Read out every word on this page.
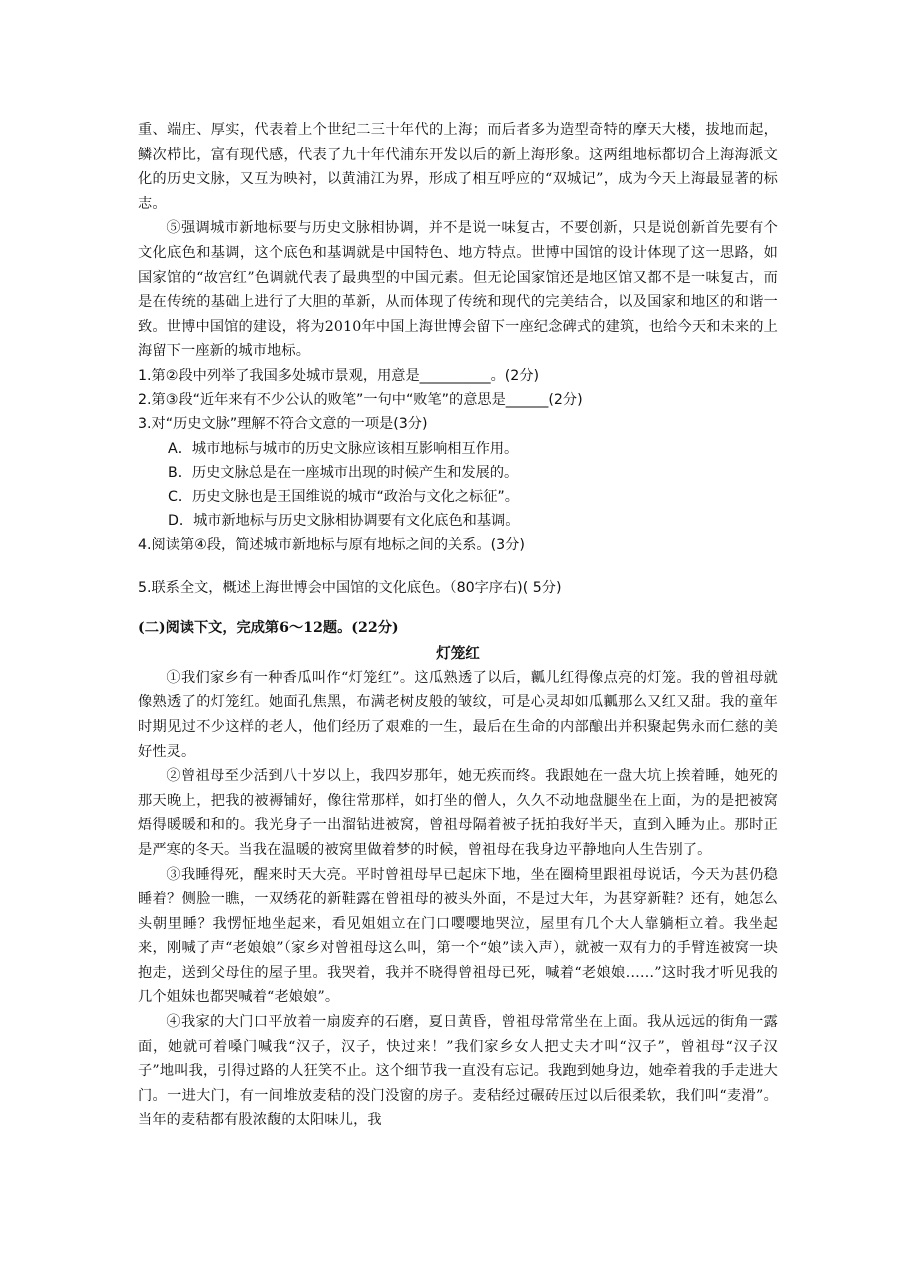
重、端庄、厚实，代表着上个世纪二三十年代的上海；而后者多为造型奇特的摩天大楼，拔地而起，鳞次栉比，富有现代感，代表了九十年代浦东开发以后的新上海形象。这两组地标都切合上海海派文化的历史文脉，又互为映衬，以黄浦江为界，形成了相互呼应的“双城记”，成为今天上海最显著的标志。

⑤强调城市新地标要与历史文脉相协调，并不是说一味复古，不要创新，只是说创新首先要有个文化底色和基调，这个底色和基调就是中国特色、地方特点。世博中国馆的设计体现了这一思路，如国家馆的“故宫红”色调就代表了最典型的中国元素。但无论国家馆还是地区馆又都不是一味复古，而是在传统的基础上进行了大胆的革新，从而体现了传统和现代的完美结合，以及国家和地区的和谐一致。世博中国馆的建设，将为2010年中国上海世博会留下一座纪念碑式的建筑，也给今天和未来的上海留下一座新的城市地标。

1.第②段中列举了我国多处城市景观，用意是__________。(2分)
2.第③段“近年来有不少公认的败笔”一句中“败笔”的意思是______(2分)
3.对“历史文脉”理解不符合文意的一项是(3分)
A．城市地标与城市的历史文脉应该相互影响相互作用。
B．历史文脉总是在一座城市出现的时候产生和发展的。
C．历史文脉也是王国维说的城市“政治与文化之标征”。
D．城市新地标与历史文脉相协调要有文化底色和基调。
4.阅读第④段，简述城市新地标与原有地标之间的关系。(3分)
5.联系全文，概述上海世博会中国馆的文化底色。（80字序右)( 5分)
(二)阅读下文，完成第6～12题。(22分)
灯笼红

①我们家乡有一种香瓜叫作“灯笼红”。这瓜熟透了以后，瓤儿红得像点亮的灯笼。我的曾祖母就像熟透了的灯笼红。她面孔焦黑，布满老树皮般的皱纹，可是心灵却如瓜瓤那么又红又甜。我的童年时期见过不少这样的老人，他们经历了艰难的一生，最后在生命的内部酿出并积聚起隽永而仁慈的美好性灵。

②曾祖母至少活到八十岁以上，我四岁那年，她无疾而终。我跟她在一盘大坑上挨着睡，她死的那天晚上，把我的被褥铺好，像往常那样，如打坐的僧人，久久不动地盘腿坐在上面，为的是把被窝焐得暖暖和和的。我光身子一出溜钻进被窝，曾祖母隔着被子抚拍我好半天，直到入睡为止。那时正是严寒的冬天。当我在温暖的被窝里做着梦的时候，曾祖母在我身边平静地向人生告别了。

③我睡得死，醒来时天大亮。平时曾祖母早已起床下地，坐在圈椅里跟祖母说话，今天为甚仍稳睡着？侧脸一瞧，一双绣花的新鞋露在曾祖母的被头外面，不是过大年，为甚穿新鞋？还有，她怎么头朝里睡？我愣怔地坐起来，看见姐姐立在门口嘤嘤地哭泣，屋里有几个大人靠躺柜立着。我坐起来，刚喊了声“老娘娘”（家乡对曾祖母这么叫，第一个“娘”读入声），就被一双有力的手臂连被窝一块抱走，送到父母住的屋子里。我哭着，我并不晓得曾祖母已死，喊着“老娘娘……”这时我才听见我的几个姐妹也都哭喊着“老娘娘”。

④我家的大门口平放着一扇废弃的石磨，夏日黄昏，曾祖母常常坐在上面。我从远远的街角一露面，她就可着嗓门喊我“汉子，汉子，快过来！”我们家乡女人把丈夫才叫“汉子”，曾祖母“汉子汉子”地叫我，引得过路的人狂笑不止。这个细节我一直没有忘记。我跑到她身边，她牵着我的手走进大门。一进大门，有一间堆放麦秸的没门没窗的房子。麦秸经过碾砖压过以后很柔软，我们叫“麦滑”。当年的麦秸都有股浓馥的太阳味儿，我
